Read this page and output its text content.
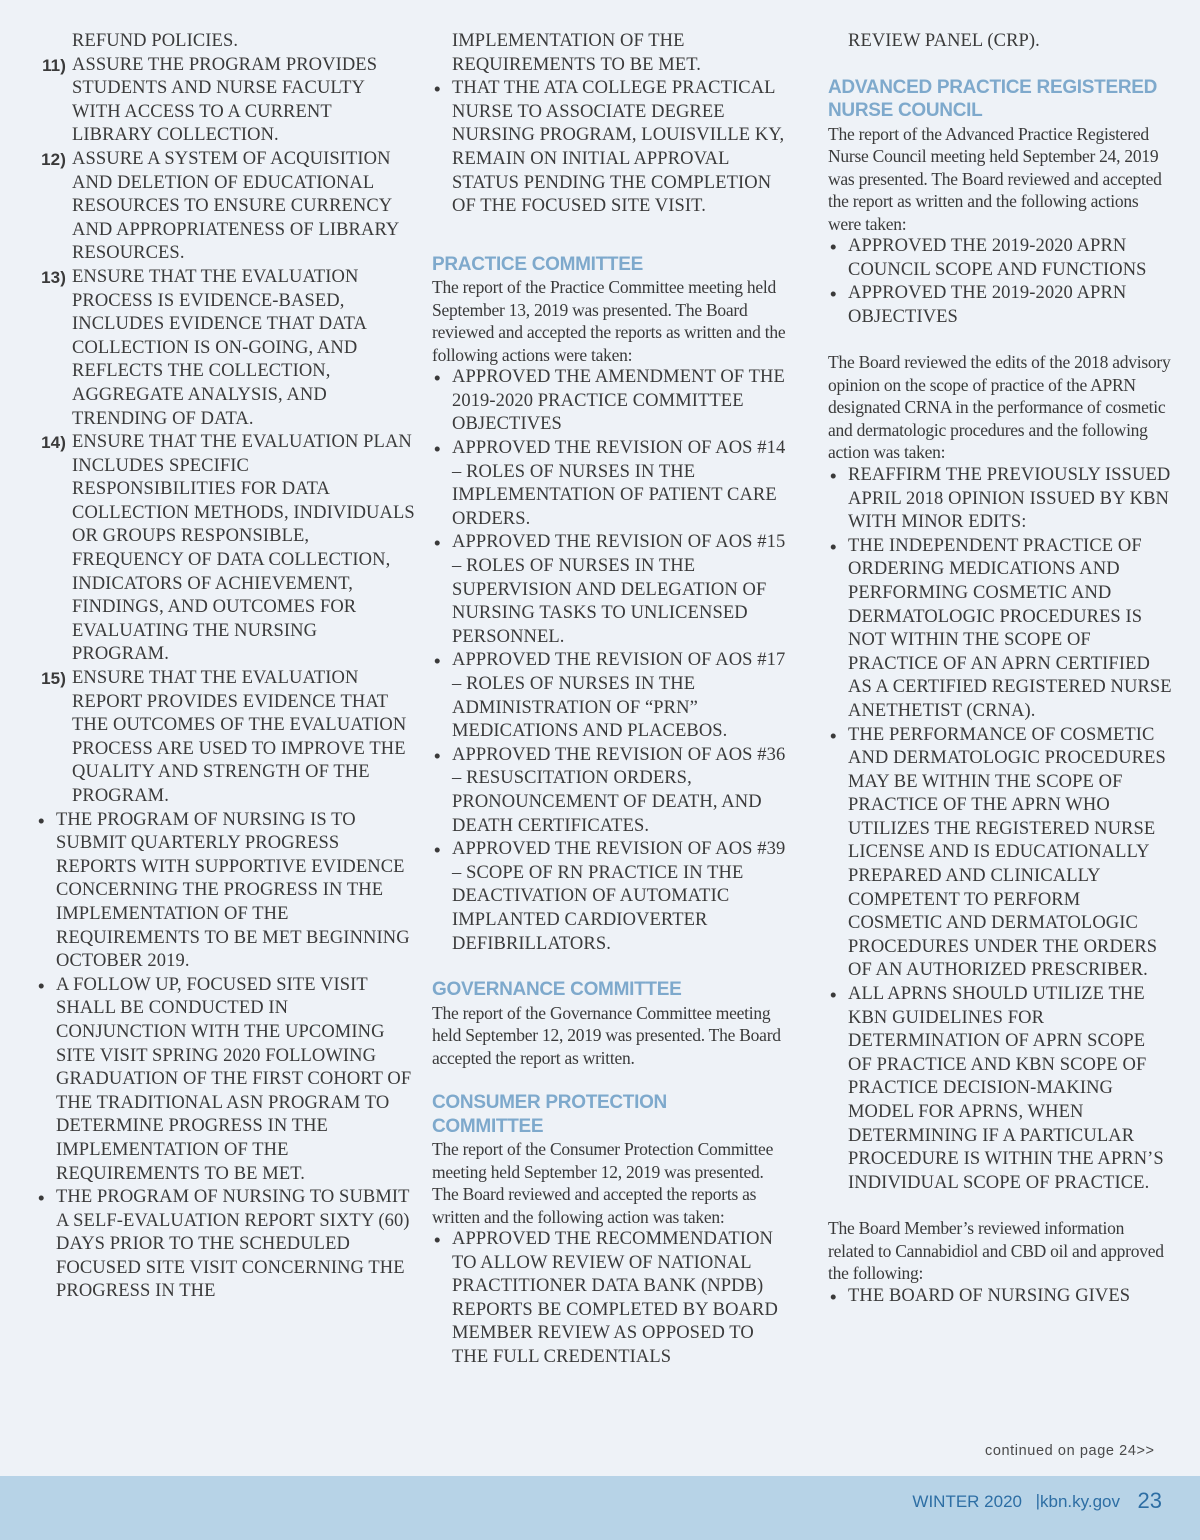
REFUND POLICIES.

11) ASSURE THE PROGRAM PROVIDES STUDENTS AND NURSE FACULTY WITH ACCESS TO A CURRENT LIBRARY COLLECTION.
12) ASSURE A SYSTEM OF ACQUISITION AND DELETION OF EDUCATIONAL RESOURCES TO ENSURE CURRENCY AND APPROPRIATENESS OF LIBRARY RESOURCES.
13) ENSURE THAT THE EVALUATION PROCESS IS EVIDENCE-BASED, INCLUDES EVIDENCE THAT DATA COLLECTION IS ON-GOING, AND REFLECTS THE COLLECTION, AGGREGATE ANALYSIS, AND TRENDING OF DATA.
14) ENSURE THAT THE EVALUATION PLAN INCLUDES SPECIFIC RESPONSIBILITIES FOR DATA COLLECTION METHODS, INDIVIDUALS OR GROUPS RESPONSIBLE, FREQUENCY OF DATA COLLECTION, INDICATORS OF ACHIEVEMENT, FINDINGS, AND OUTCOMES FOR EVALUATING THE NURSING PROGRAM.
15) ENSURE THAT THE EVALUATION REPORT PROVIDES EVIDENCE THAT THE OUTCOMES OF THE EVALUATION PROCESS ARE USED TO IMPROVE THE QUALITY AND STRENGTH OF THE PROGRAM.
• THE PROGRAM OF NURSING IS TO SUBMIT QUARTERLY PROGRESS REPORTS WITH SUPPORTIVE EVIDENCE CONCERNING THE PROGRESS IN THE IMPLEMENTATION OF THE REQUIREMENTS TO BE MET BEGINNING OCTOBER 2019.
• A FOLLOW UP, FOCUSED SITE VISIT SHALL BE CONDUCTED IN CONJUNCTION WITH THE UPCOMING SITE VISIT SPRING 2020 FOLLOWING GRADUATION OF THE FIRST COHORT OF THE TRADITIONAL ASN PROGRAM TO DETERMINE PROGRESS IN THE IMPLEMENTATION OF THE REQUIREMENTS TO BE MET.
• THE PROGRAM OF NURSING TO SUBMIT A SELF-EVALUATION REPORT SIXTY (60) DAYS PRIOR TO THE SCHEDULED FOCUSED SITE VISIT CONCERNING THE PROGRESS IN THE

IMPLEMENTATION OF THE REQUIREMENTS TO BE MET.

• THAT THE ATA COLLEGE PRACTICAL NURSE TO ASSOCIATE DEGREE NURSING PROGRAM, LOUISVILLE KY, REMAIN ON INITIAL APPROVAL STATUS PENDING THE COMPLETION OF THE FOCUSED SITE VISIT.
PRACTICE COMMITTEE

The report of the Practice Committee meeting held September 13, 2019 was presented. The Board reviewed and accepted the reports as written and the following actions were taken:

• APPROVED THE AMENDMENT OF THE 2019-2020 PRACTICE COMMITTEE OBJECTIVES
• APPROVED THE REVISION OF AOS #14 – ROLES OF NURSES IN THE IMPLEMENTATION OF PATIENT CARE ORDERS.
• APPROVED THE REVISION OF AOS #15 – ROLES OF NURSES IN THE SUPERVISION AND DELEGATION OF NURSING TASKS TO UNLICENSED PERSONNEL.
• APPROVED THE REVISION OF AOS #17 – ROLES OF NURSES IN THE ADMINISTRATION OF “PRN” MEDICATIONS AND PLACEBOS.
• APPROVED THE REVISION OF AOS #36 – RESUSCITATION ORDERS, PRONOUNCEMENT OF DEATH, AND DEATH CERTIFICATES.
• APPROVED THE REVISION OF AOS #39 – SCOPE OF RN PRACTICE IN THE DEACTIVATION OF AUTOMATIC IMPLANTED CARDIOVERTER DEFIBRILLATORS.
GOVERNANCE COMMITTEE

The report of the Governance Committee meeting held September 12, 2019 was presented. The Board accepted the report as written.

CONSUMER PROTECTION COMMITTEE

The report of the Consumer Protection Committee meeting held September 12, 2019 was presented. The Board reviewed and accepted the reports as written and the following action was taken:

• APPROVED THE RECOMMENDATION TO ALLOW REVIEW OF NATIONAL PRACTITIONER DATA BANK (NPDB) REPORTS BE COMPLETED BY BOARD MEMBER REVIEW AS OPPOSED TO THE FULL CREDENTIALS

REVIEW PANEL (CRP).

ADVANCED PRACTICE REGISTERED NURSE COUNCIL

The report of the Advanced Practice Registered Nurse Council meeting held September 24, 2019 was presented. The Board reviewed and accepted the report as written and the following actions were taken:

• APPROVED THE 2019-2020 APRN COUNCIL SCOPE AND FUNCTIONS
• APPROVED THE 2019-2020 APRN OBJECTIVES

The Board reviewed the edits of the 2018 advisory opinion on the scope of practice of the APRN designated CRNA in the performance of cosmetic and dermatologic procedures and the following action was taken:

• REAFFIRM THE PREVIOUSLY ISSUED APRIL 2018 OPINION ISSUED BY KBN WITH MINOR EDITS:
• THE INDEPENDENT PRACTICE OF ORDERING MEDICATIONS AND PERFORMING COSMETIC AND DERMATOLOGIC PROCEDURES IS NOT WITHIN THE SCOPE OF PRACTICE OF AN APRN CERTIFIED AS A CERTIFIED REGISTERED NURSE ANETHETIST (CRNA).
• THE PERFORMANCE OF COSMETIC AND DERMATOLOGIC PROCEDURES MAY BE WITHIN THE SCOPE OF PRACTICE OF THE APRN WHO UTILIZES THE REGISTERED NURSE LICENSE AND IS EDUCATIONALLY PREPARED AND CLINICALLY COMPETENT TO PERFORM COSMETIC AND DERMATOLOGIC PROCEDURES UNDER THE ORDERS OF AN AUTHORIZED PRESCRIBER.
• ALL APRNS SHOULD UTILIZE THE KBN GUIDELINES FOR DETERMINATION OF APRN SCOPE OF PRACTICE AND KBN SCOPE OF PRACTICE DECISION-MAKING MODEL FOR APRNS, WHEN DETERMINING IF A PARTICULAR PROCEDURE IS WITHIN THE APRN’S INDIVIDUAL SCOPE OF PRACTICE.

The Board Member’s reviewed information related to Cannabidiol and CBD oil and approved the following:

• THE BOARD OF NURSING GIVES
continued on page 24>>
WINTER 2020 | kbn.ky.gov 23
